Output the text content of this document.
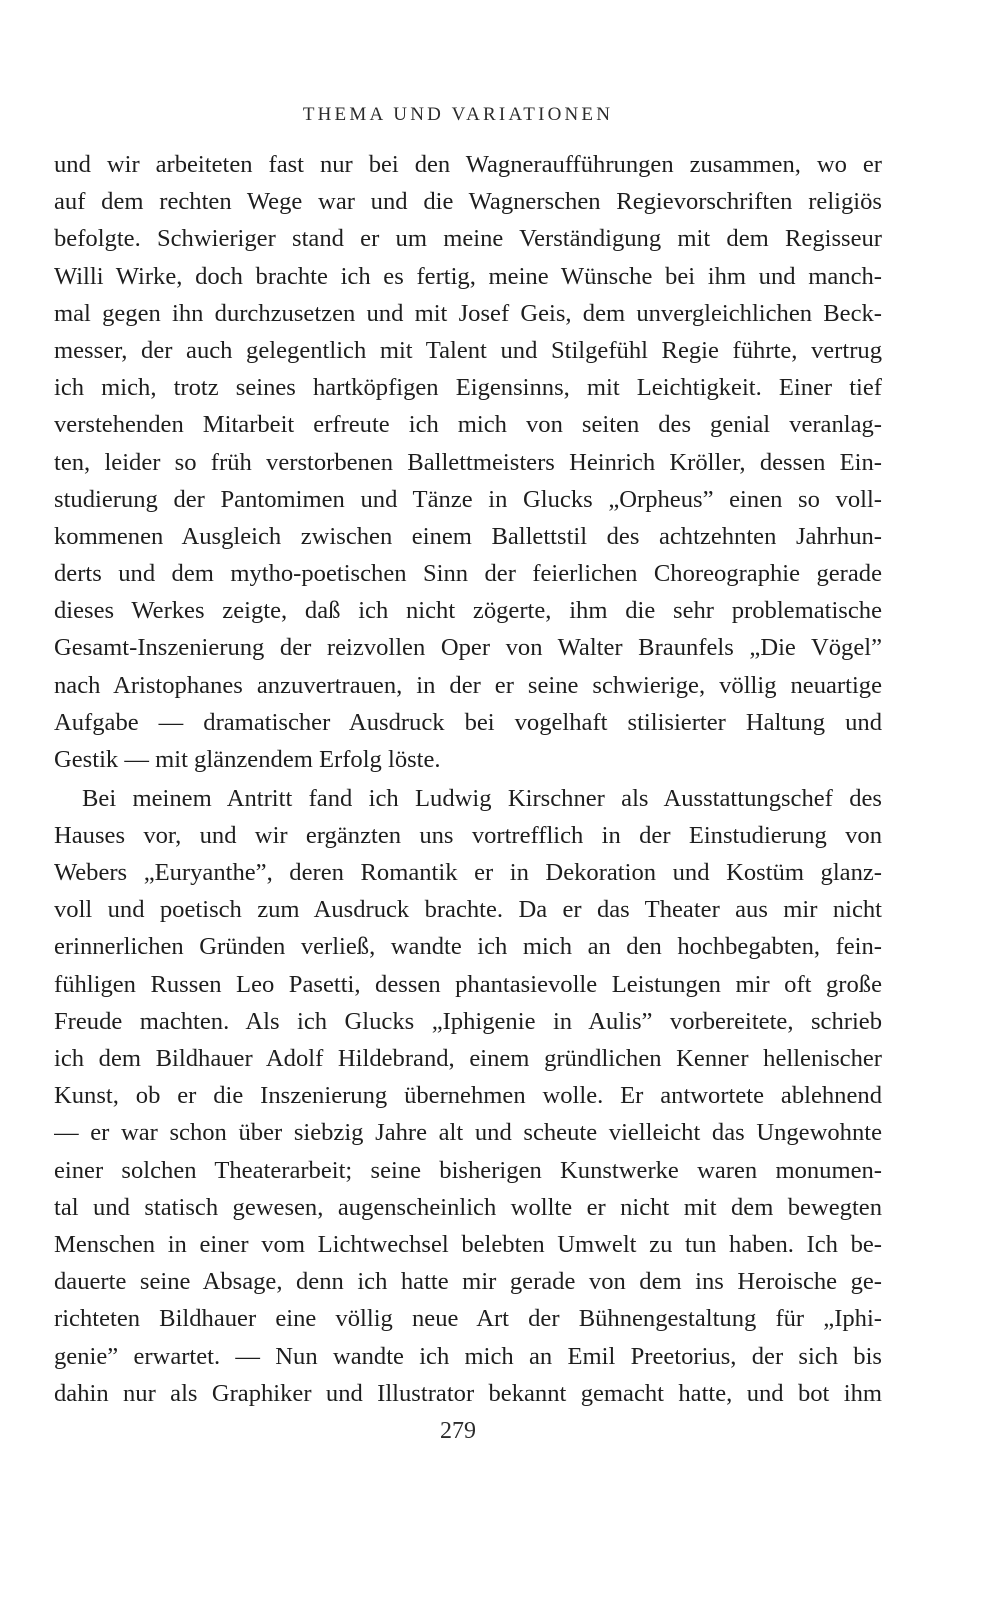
THEMA UND VARIATIONEN

und wir arbeiteten fast nur bei den Wagneraufführungen zusammen, wo er
auf dem rechten Wege war und die Wagnerschen Regievorschriften religiös
befolgte. Schwieriger stand er um meine Verständigung mit dem Regisseur
Willi Wirke, doch brachte ich es fertig, meine Wünsche bei ihm und manch-
mal gegen ihn durchzusetzen und mit Josef Geis, dem unvergleichlichen Beck-
messer, der auch gelegentlich mit Talent und Stilgefühl Regie führte, vertrug
ich mich, trotz seines hartköpfigen Eigensinns, mit Leichtigkeit. Einer tief
verstehenden Mitarbeit erfreute ich mich von seiten des genial veranlag-
ten, leider so früh verstorbenen Ballettmeisters Heinrich Kröller, dessen Ein-
studierung der Pantomimen und Tänze in Glucks „Orpheus” einen so voll-
kommenen Ausgleich zwischen einem Ballettstil des achtzehnten Jahrhun-
derts und dem mytho-poetischen Sinn der feierlichen Choreographie gerade
dieses Werkes zeigte, daß ich nicht zögerte, ihm die sehr problematische
Gesamt-Inszenierung der reizvollen Oper von Walter Braunfels „Die Vögel”
nach Aristophanes anzuvertrauen, in der er seine schwierige, völlig neuartige
Aufgabe — dramatischer Ausdruck bei vogelhaft stilisierter Haltung und
Gestik — mit glänzendem Erfolg löste.

Bei meinem Antritt fand ich Ludwig Kirschner als Ausstattungschef des
Hauses vor, und wir ergänzten uns vortrefflich in der Einstudierung von
Webers „Euryanthe”, deren Romantik er in Dekoration und Kostüm glanz-
voll und poetisch zum Ausdruck brachte. Da er das Theater aus mir nicht
erinnerlichen Gründen verließ, wandte ich mich an den hochbegabten, fein-
fühligen Russen Leo Pasetti, dessen phantasievolle Leistungen mir oft große
Freude machten. Als ich Glucks „Iphigenie in Aulis” vorbereitete, schrieb
ich dem Bildhauer Adolf Hildebrand, einem gründlichen Kenner hellenischer
Kunst, ob er die Inszenierung übernehmen wolle. Er antwortete ablehnend
— er war schon über siebzig Jahre alt und scheute vielleicht das Ungewohnte
einer solchen Theaterarbeit; seine bisherigen Kunstwerke waren monumen-
tal und statisch gewesen, augenscheinlich wollte er nicht mit dem bewegten
Menschen in einer vom Lichtwechsel belebten Umwelt zu tun haben. Ich be-
dauerte seine Absage, denn ich hatte mir gerade von dem ins Heroische ge-
richteten Bildhauer eine völlig neue Art der Bühnengestaltung für „Iphi-
genie” erwartet. — Nun wandte ich mich an Emil Preetorius, der sich bis
dahin nur als Graphiker und Illustrator bekannt gemacht hatte, und bot ihm

279
